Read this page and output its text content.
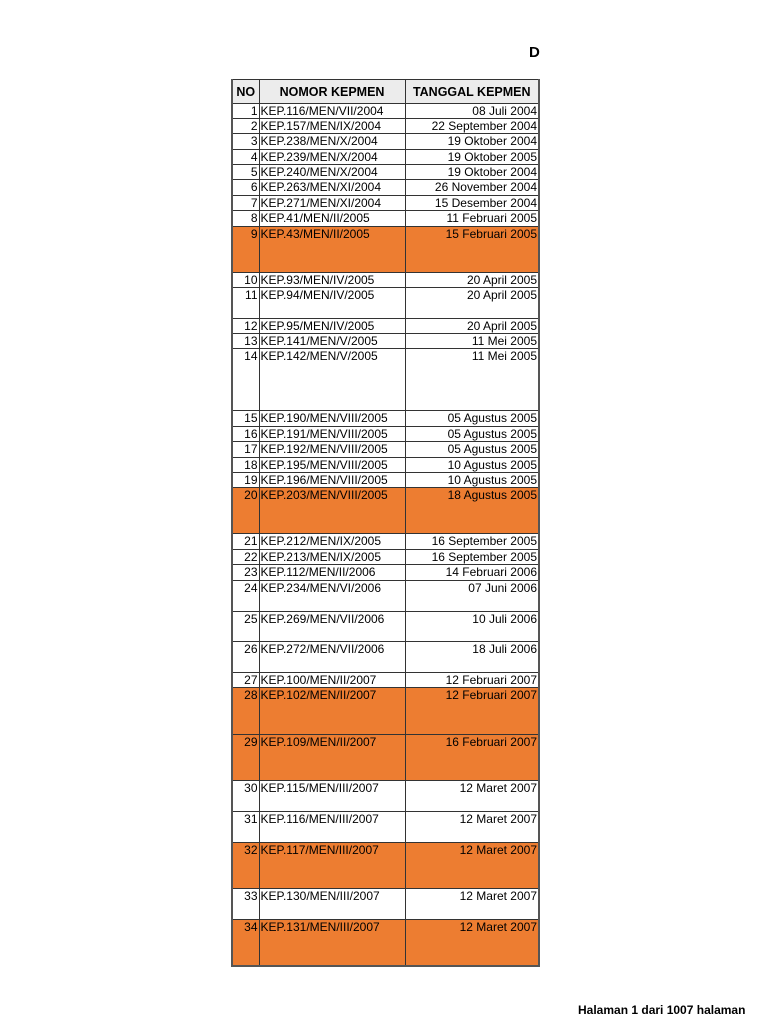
D
NO	NOMOR KEPMEN	TANGGAL KEPMEN
1	KEP.116/MEN/VII/2004	08 Juli 2004
2	KEP.157/MEN/IX/2004	22 September 2004
3	KEP.238/MEN/X/2004	19 Oktober 2004
4	KEP.239/MEN/X/2004	19 Oktober 2005
5	KEP.240/MEN/X/2004	19 Oktober 2004
6	KEP.263/MEN/XI/2004	26 November 2004
7	KEP.271/MEN/XI/2004	15 Desember 2004
8	KEP.41/MEN/II/2005	11 Februari 2005
9	KEP.43/MEN/II/2005	15 Februari 2005
10	KEP.93/MEN/IV/2005	20 April 2005
11	KEP.94/MEN/IV/2005	20 April 2005
12	KEP.95/MEN/IV/2005	20 April 2005
13	KEP.141/MEN/V/2005	11 Mei 2005
14	KEP.142/MEN/V/2005	11 Mei 2005
15	KEP.190/MEN/VIII/2005	05 Agustus 2005
16	KEP.191/MEN/VIII/2005	05 Agustus 2005
17	KEP.192/MEN/VIII/2005	05 Agustus 2005
18	KEP.195/MEN/VIII/2005	10 Agustus 2005
19	KEP.196/MEN/VIII/2005	10 Agustus 2005
20	KEP.203/MEN/VIII/2005	18 Agustus 2005
21	KEP.212/MEN/IX/2005	16 September 2005
22	KEP.213/MEN/IX/2005	16 September 2005
23	KEP.112/MEN/II/2006	14 Februari 2006
24	KEP.234/MEN/VI/2006	07 Juni 2006
25	KEP.269/MEN/VII/2006	10 Juli 2006
26	KEP.272/MEN/VII/2006	18 Juli 2006
27	KEP.100/MEN/II/2007	12 Februari 2007
28	KEP.102/MEN/II/2007	12 Februari 2007
29	KEP.109/MEN/II/2007	16 Februari 2007
30	KEP.115/MEN/III/2007	12 Maret 2007
31	KEP.116/MEN/III/2007	12 Maret 2007
32	KEP.117/MEN/III/2007	12 Maret 2007
33	KEP.130/MEN/III/2007	12 Maret 2007
34	KEP.131/MEN/III/2007	12 Maret 2007
Halaman 1 dari 1007 halaman
